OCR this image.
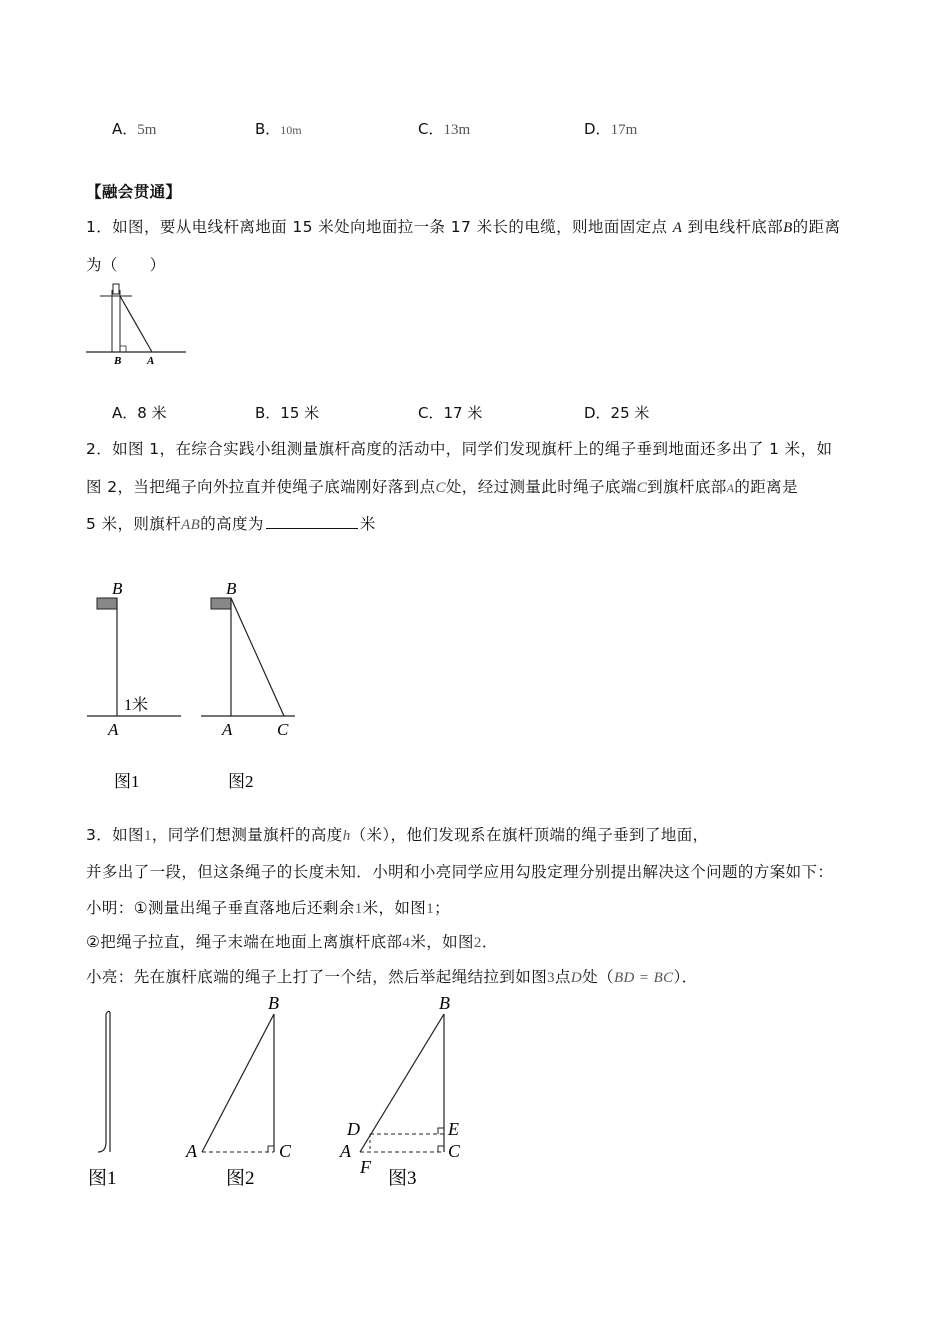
A．5m	B．10m	C．13m	D．17m
【融会贯通】
1．如图，要从电线杆离地面 15 米处向地面拉一条 17 米长的电缆，则地面固定点 A 到电线杆底部B的距离
为（　　）
B A
A．8 米	B．15 米	C．17 米	D．25 米
2．如图 1，在综合实践小组测量旗杆高度的活动中，同学们发现旗杆上的绳子垂到地面还多出了 1 米，如
图 2，当把绳子向外拉直并使绳子底端刚好落到点C处，经过测量此时绳子底端C到旗杆底部A的距离是
5 米，则旗杆AB的高度为	米
B
1米
A
图1
B
A	C
图2
3．如图1，同学们想测量旗杆的高度h（米），他们发现系在旗杆顶端的绳子垂到了地面，
并多出了一段，但这条绳子的长度未知．小明和小亮同学应用勾股定理分别提出解决这个问题的方案如下：
小明：①测量出绳子垂直落地后还剩余1米，如图1；
②把绳子拉直，绳子末端在地面上离旗杆底部4米，如图2．
小亮：先在旗杆底端的绳子上打了一个结，然后举起绳结拉到如图3点D处（BD = BC）．
图1
B
A	C
图2
B
D	E
A	C
F
图3
